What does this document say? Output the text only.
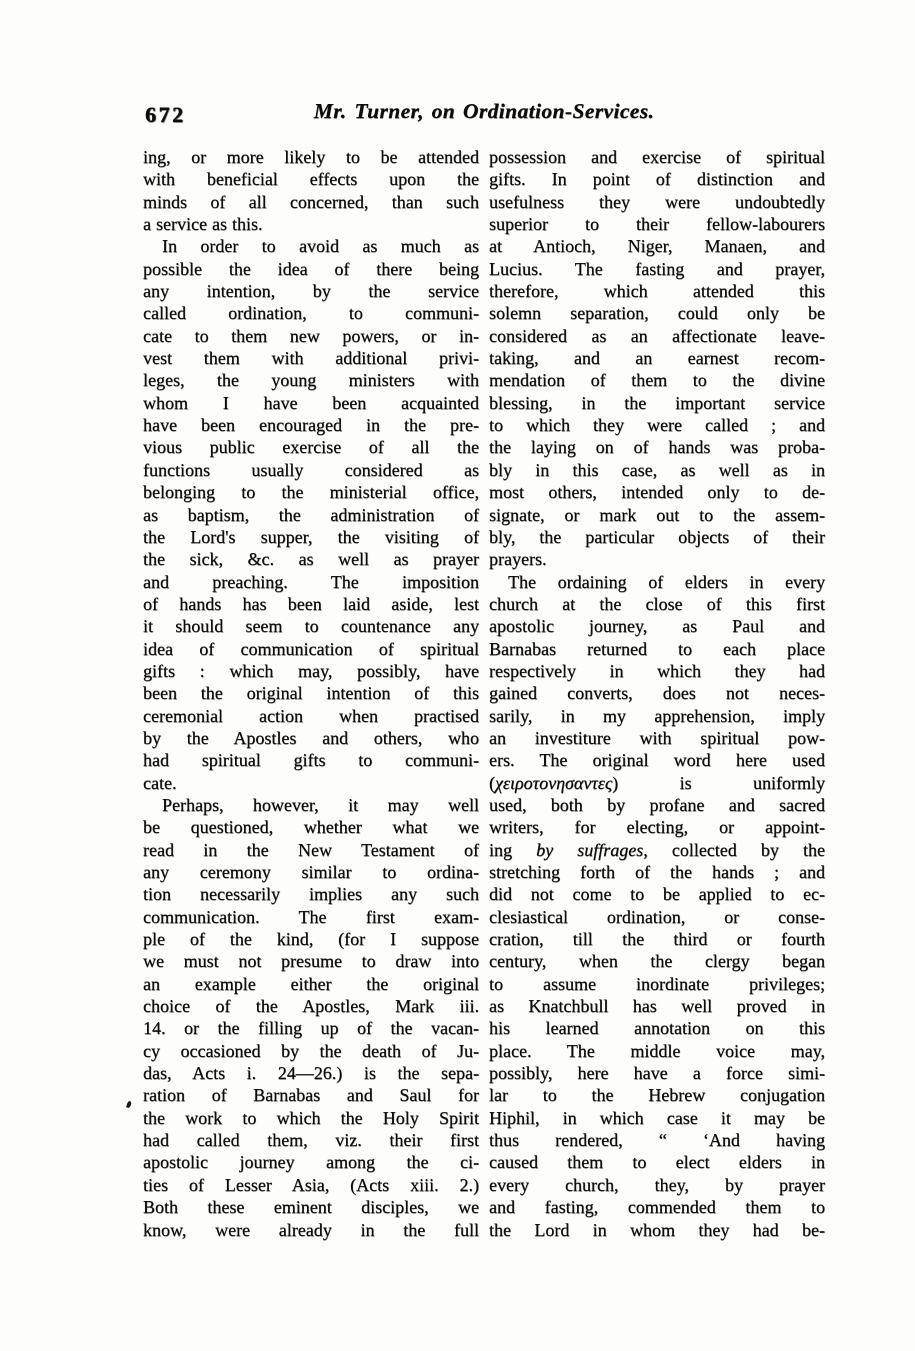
672	Mr. Turner, on Ordination-Services.
ing, or more likely to be attended
with beneficial effects upon the
minds of all concerned, than such
a service as this.
In order to avoid as much as
possible the idea of there being
any intention, by the service
called ordination, to communi-
cate to them new powers, or in-
vest them with additional privi-
leges, the young ministers with
whom I have been acquainted
have been encouraged in the pre-
vious public exercise of all the
functions usually considered as
belonging to the ministerial office,
as baptism, the administration of
the Lord's supper, the visiting of
the sick, &c. as well as prayer
and preaching. The imposition
of hands has been laid aside, lest
it should seem to countenance any
idea of communication of spiritual
gifts : which may, possibly, have
been the original intention of this
ceremonial action when practised
by the Apostles and others, who
had spiritual gifts to communi-
cate.
Perhaps, however, it may well
be questioned, whether what we
read in the New Testament of
any ceremony similar to ordina-
tion necessarily implies any such
communication. The first exam-
ple of the kind, (for I suppose
we must not presume to draw into
an example either the original
choice of the Apostles, Mark iii.
14. or the filling up of the vacan-
cy occasioned by the death of Ju-
das, Acts i. 24—26.) is the sepa-
ration of Barnabas and Saul for
the work to which the Holy Spirit
had called them, viz. their first
apostolic journey among the ci-
ties of Lesser Asia, (Acts xiii. 2.)
Both these eminent disciples, we
know, were already in the full
possession and exercise of spiritual
gifts. In point of distinction and
usefulness they were undoubtedly
superior to their fellow-labourers
at Antioch, Niger, Manaen, and
Lucius. The fasting and prayer,
therefore, which attended this
solemn separation, could only be
considered as an affectionate leave-
taking, and an earnest recom-
mendation of them to the divine
blessing, in the important service
to which they were called ; and
the laying on of hands was proba-
bly in this case, as well as in
most others, intended only to de-
signate, or mark out to the assem-
bly, the particular objects of their
prayers.
The ordaining of elders in every
church at the close of this first
apostolic journey, as Paul and
Barnabas returned to each place
respectively in which they had
gained converts, does not neces-
sarily, in my apprehension, imply
an investiture with spiritual pow-
ers. The original word here used
(χειροτονησαντες) is uniformly
used, both by profane and sacred
writers, for electing, or appoint-
ing by suffrages, collected by the
stretching forth of the hands ; and
did not come to be applied to ec-
clesiastical ordination, or conse-
cration, till the third or fourth
century, when the clergy began
to assume inordinate privileges;
as Knatchbull has well proved in
his learned annotation on this
place. The middle voice may,
possibly, here have a force simi-
lar to the Hebrew conjugation
Hiphil, in which case it may be
thus rendered, “ ‘And having
caused them to elect elders in
every church, they, by prayer
and fasting, commended them to
the Lord in whom they had be-
